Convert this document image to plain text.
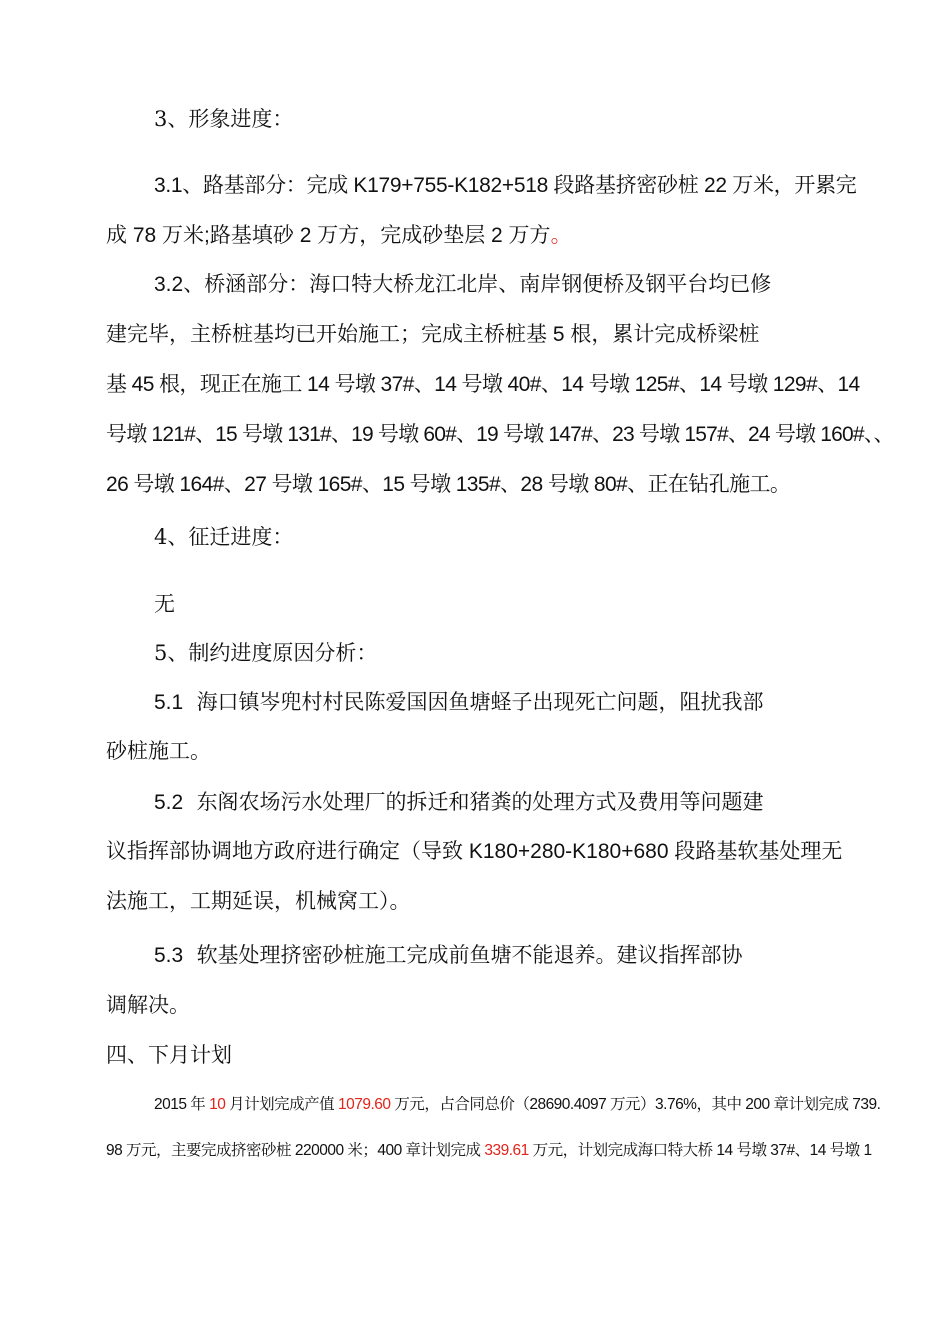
3、形象进度：
3.1、路基部分：完成 K179+755-K182+518 段路基挤密砂桩 22 万米，开累完
成 78 万米;路基填砂 2 万方，完成砂垫层 2 万方。
3.2、桥涵部分：海口特大桥龙江北岸、南岸钢便桥及钢平台均已修
建完毕，主桥桩基均已开始施工；完成主桥桩基 5 根，累计完成桥梁桩
基 45 根，现正在施工 14 号墩 37#、14 号墩 40#、14 号墩 125#、14 号墩 129#、14
号墩 121#、15 号墩 131#、19 号墩 60#、19 号墩 147#、23 号墩 157#、24 号墩 160#、、
26 号墩 164#、27 号墩 165#、15 号墩 135#、28 号墩 80#、正在钻孔施工。
4、征迁进度：
无
5、制约进度原因分析：
5.1 海口镇岑兜村村民陈爱国因鱼塘蛏子出现死亡问题，阻扰我部
砂桩施工。
5.2 东阁农场污水处理厂的拆迁和猪粪的处理方式及费用等问题建
议指挥部协调地方政府进行确定（导致 K180+280-K180+680 段路基软基处理无
法施工，工期延误，机械窝工）。
5.3 软基处理挤密砂桩施工完成前鱼塘不能退养。建议指挥部协
调解决。
四、下月计划
2015 年 10 月计划完成产值 1079.60 万元，占合同总价（28690.4097 万元）3.76%，其中 200 章计划完成 739.
98 万元，主要完成挤密砂桩 220000 米；400 章计划完成 339.61 万元，计划完成海口特大桥 14 号墩 37#、14 号墩 1
